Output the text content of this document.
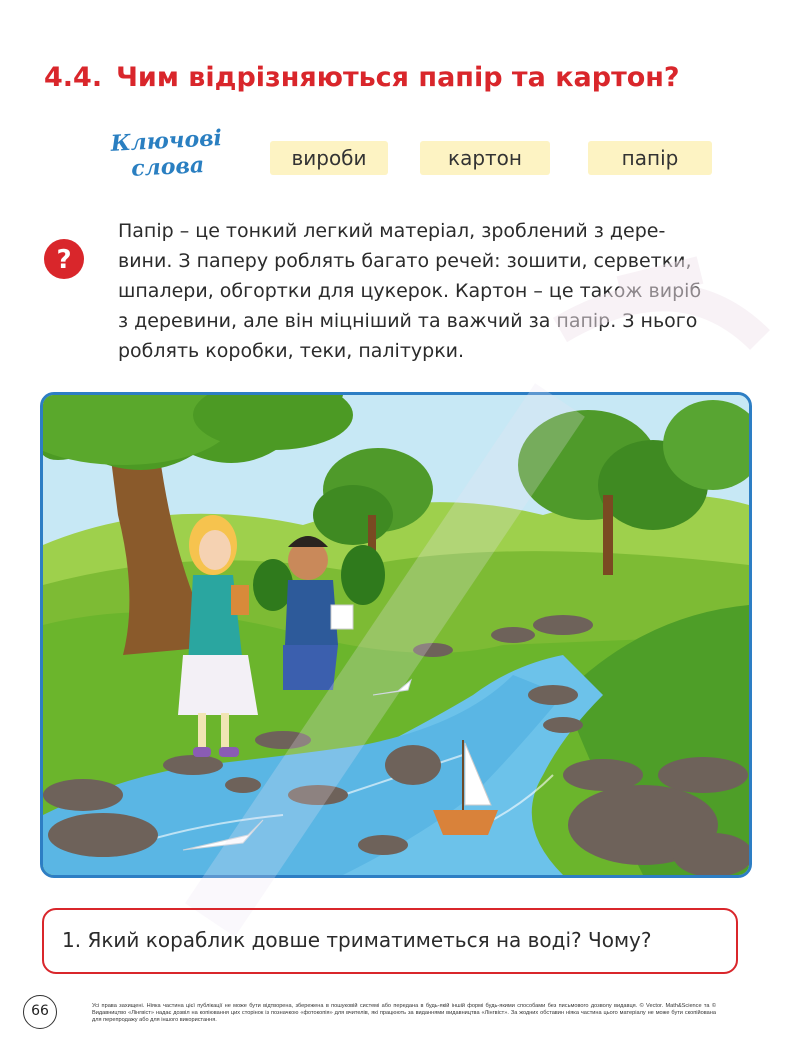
4.4. Чим відрізняються папір та картон?
Ключові
слова	вироби	картон	папір
?
Папір – це тонкий легкий матеріал, зроблений з дере-
вини. З паперу роблять багато речей: зошити, серветки,
шпалери, обгортки для цукерок. Картон – це також виріб
з деревини, але він міцніший та важчий за папір. З нього
роблять коробки, теки, палітурки.
1. Який кораблик довше триматиметься на воді? Чому?
66	Усі права захищені. Ніяка частина цієї публікації не може бути відтворена, збережена в пошуковій системі або передана в будь-якій іншій формі будь-якими способами без письмового дозволу видавця. © Vector. Math&Science та © Видавництво «Лінгвіст» надає дозвіл на копіювання цих сторінок із позначкою «фотокопія» для вчителів, які працюють за виданнями видавництва «Лінгвіст». За жодних обставин ніяка частина цього матеріалу не може бути скопійована для перепродажу або для іншого використання.
